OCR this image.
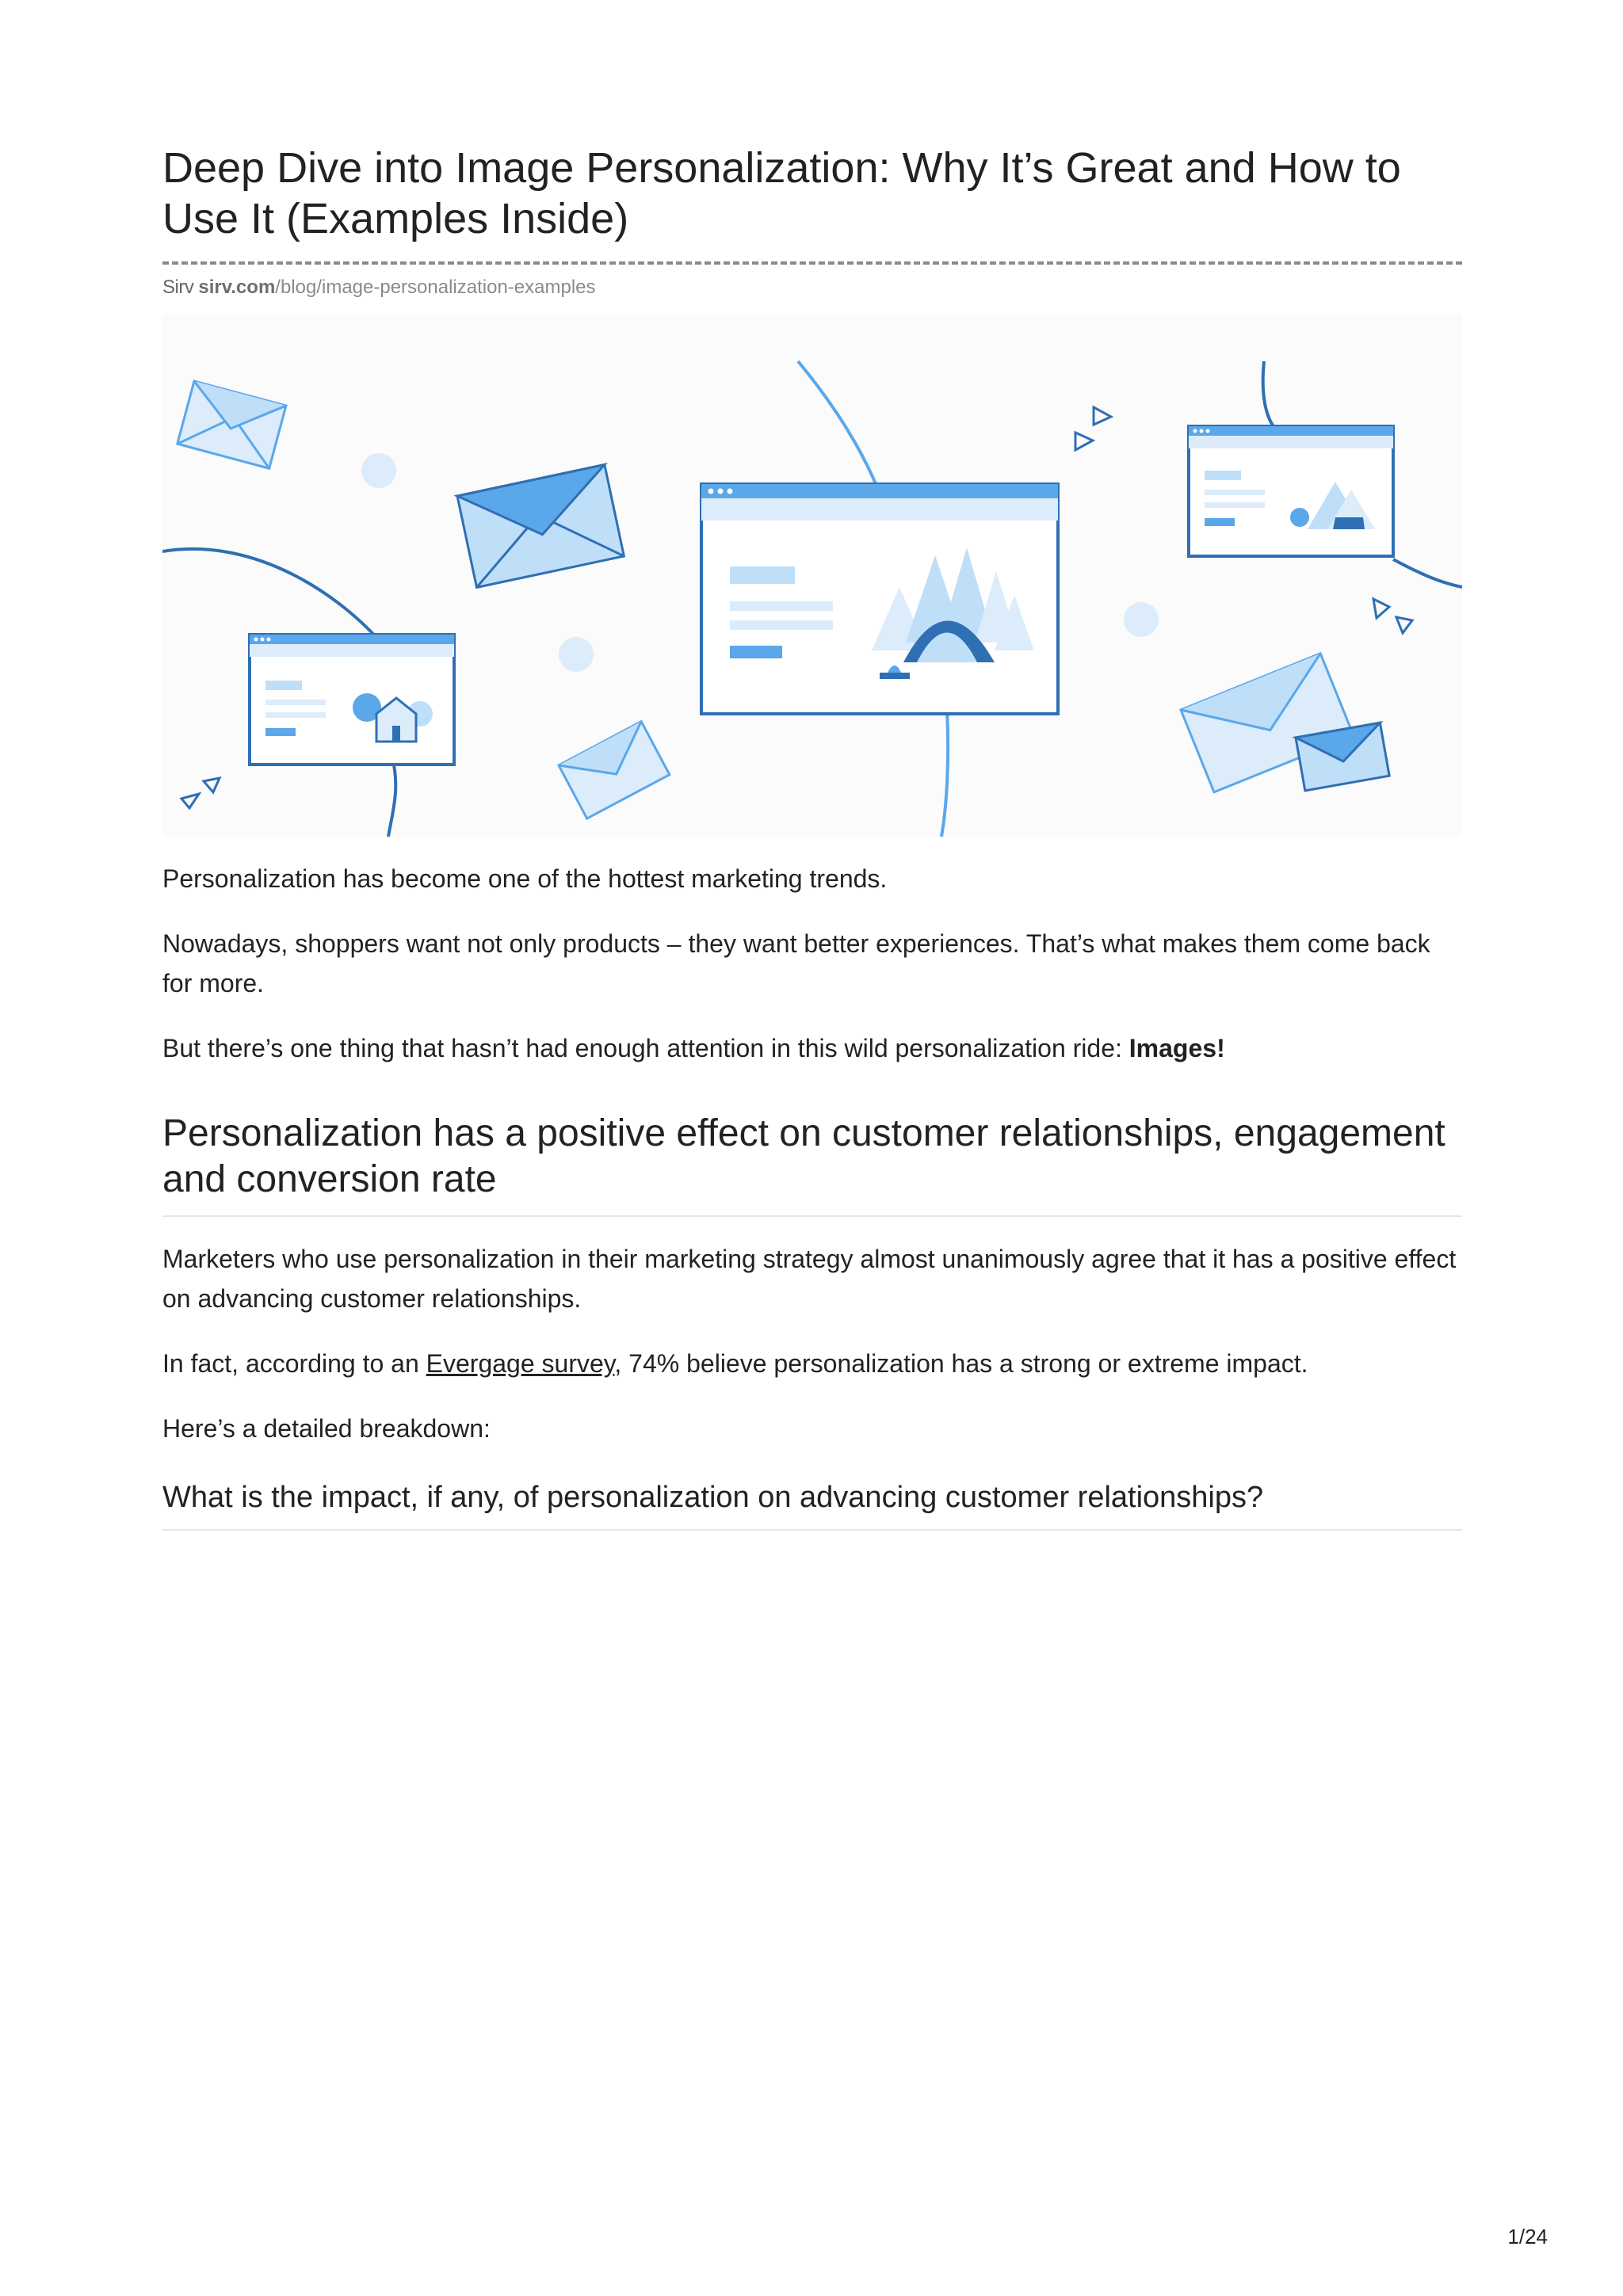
Deep Dive into Image Personalization: Why It’s Great and How to Use It (Examples Inside)
Sirv sirv.com/blog/image-personalization-examples

Personalization has become one of the hottest marketing trends.

Nowadays, shoppers want not only products – they want better experiences. That’s what makes them come back for more.

But there’s one thing that hasn’t had enough attention in this wild personalization ride: Images!

Personalization has a positive effect on customer relationships, engagement and conversion rate

Marketers who use personalization in their marketing strategy almost unanimously agree that it has a positive effect on advancing customer relationships.

In fact, according to an Evergage survey, 74% believe personalization has a strong or extreme impact.

Here’s a detailed breakdown:

What is the impact, if any, of personalization on advancing customer relationships?
1/24
